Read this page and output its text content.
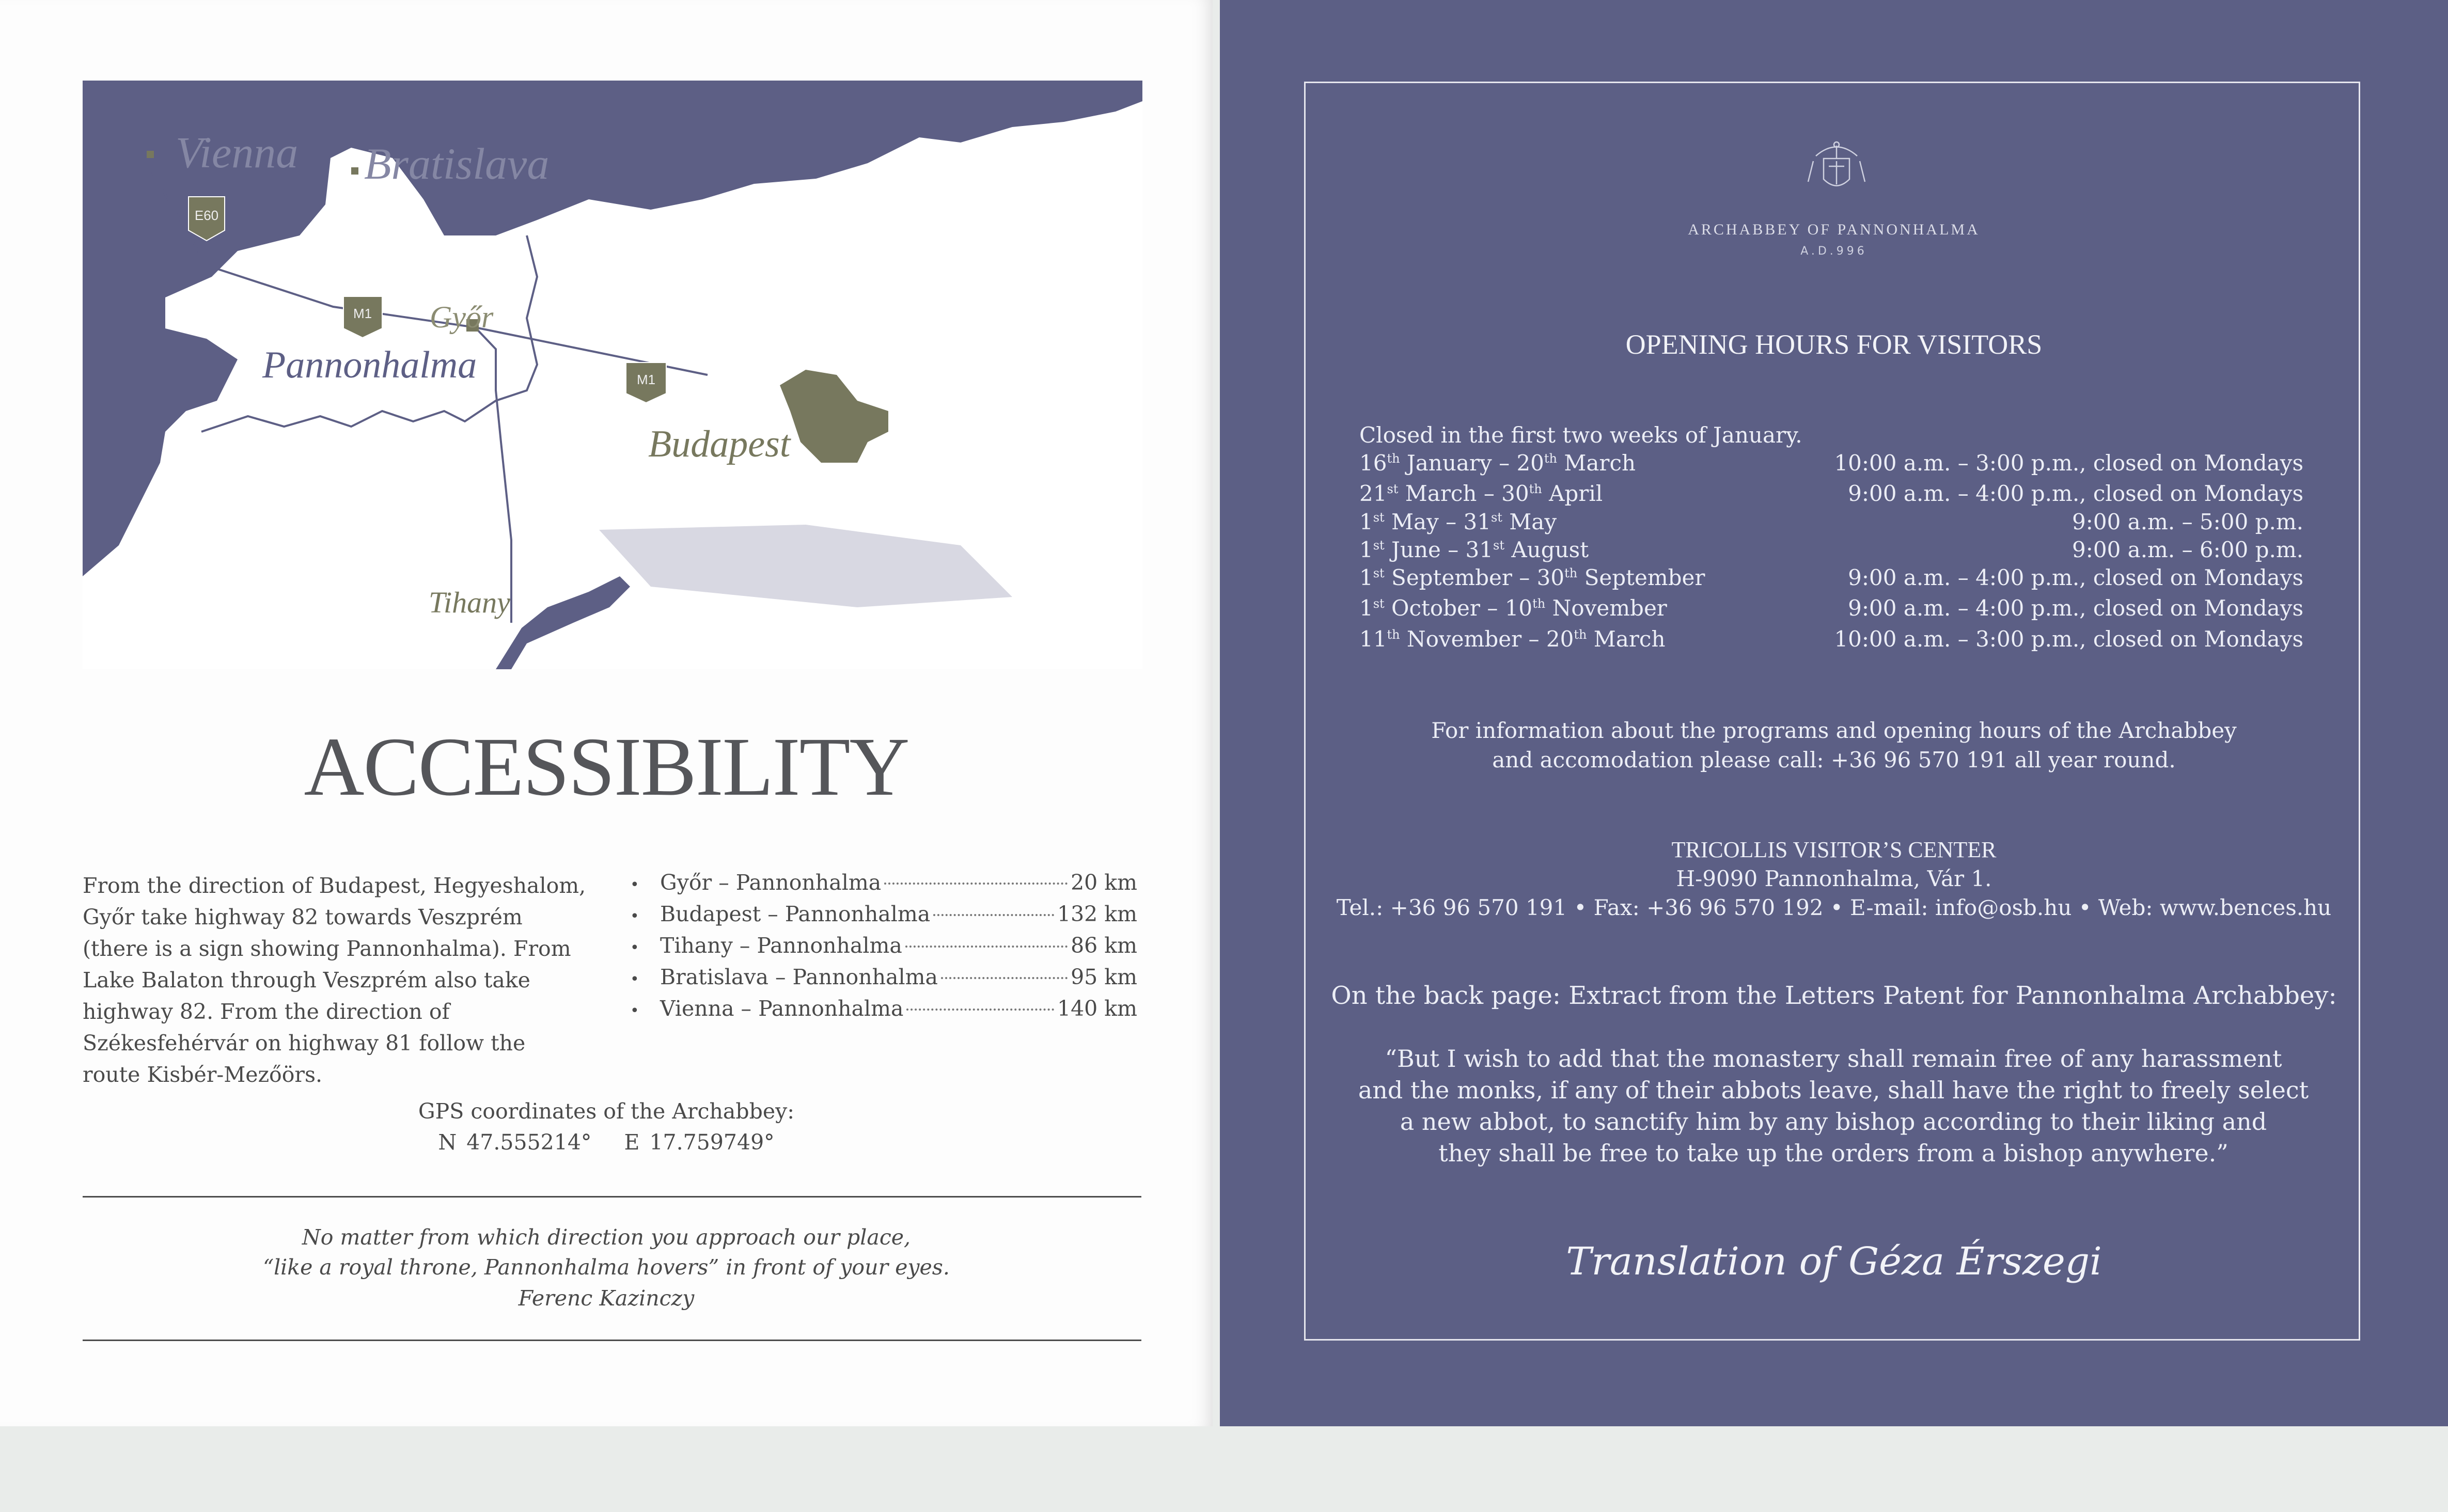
E60
M1
M1
Vienna Bratislava
Győr
Pannonhalma
Budapest
Tihany
ACCESSIBILITY
From the direction of Budapest, Hegyeshalom, Győr take highway 82 towards Veszprém (there is a sign showing Pannonhalma). From Lake Balaton through Veszprém also take highway 82. From the direction of Székesfehérvár on highway 81 follow the route Kisbér-Mezőörs.
• Győr – Pannonhalma	20 km
• Budapest – Pannonhalma	132 km
• Tihany – Pannonhalma	86 km
• Bratislava – Pannonhalma	95 km
• Vienna – Pannonhalma	140 km
GPS coordinates of the Archabbey:
N 47.555214° E 17.759749°
No matter from which direction you approach our place,
“like a royal throne, Pannonhalma hovers” in front of your eyes.
Ferenc Kazinczy
ARCHABBEY OF PANNONHALMA
A.D.996
OPENING HOURS FOR VISITORS
Closed in the first two weeks of January.
16th January – 20th March	10:00 a.m. – 3:00 p.m., closed on Mondays
21st March – 30th April	9:00 a.m. – 4:00 p.m., closed on Mondays
1st May – 31st May	9:00 a.m. – 5:00 p.m.
1st June – 31st August	9:00 a.m. – 6:00 p.m.
1st September – 30th September	9:00 a.m. – 4:00 p.m., closed on Mondays
1st October – 10th November	9:00 a.m. – 4:00 p.m., closed on Mondays
11th November – 20th March	10:00 a.m. – 3:00 p.m., closed on Mondays
For information about the programs and opening hours of the Archabbey
and accomodation please call: +36 96 570 191 all year round.
TRICOLLIS VISITOR’S CENTER
H-9090 Pannonhalma, Vár 1.
Tel.: +36 96 570 191 • Fax: +36 96 570 192 • E-mail: info@osb.hu • Web: www.bences.hu
On the back page: Extract from the Letters Patent for Pannonhalma Archabbey:
“But I wish to add that the monastery shall remain free of any harassment
and the monks, if any of their abbots leave, shall have the right to freely select
a new abbot, to sanctify him by any bishop according to their liking and
they shall be free to take up the orders from a bishop anywhere.”
Translation of Géza Érszegi
